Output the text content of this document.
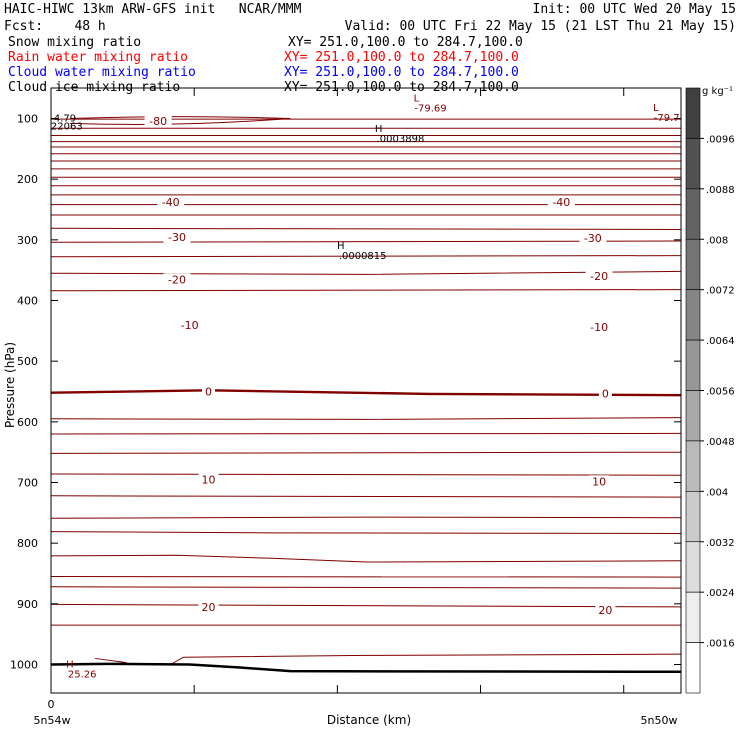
HAIC-HIWC 13km ARW-GFS init   NCAR/MMM	Init: 00 UTC Wed 20 May 15
Fcst:    48 h	Valid: 00 UTC Fri 22 May 15 (21 LST Thu 21 May 15)
Snow mixing ratio	XY= 251.0,100.0 to 284.7,100.0
Rain water mixing ratio	XY= 251.0,100.0 to 284.7,100.0
Cloud water mixing ratio	XY= 251.0,100.0 to 284.7,100.0
Cloud ice mixing ratio	XY= 251.0,100.0 to 284.7,100.0
100
200
300
400
500
600
700
800
900
1000
0
-80
-40	-40
-30	-30
-20	-20
-10	-10
0	0
10	10
20	20
L
-79.69	L
-79.7
H
.0003898
H
.0000815
H
25.26
-4.79
22063
.0096
.0088
.008
.0072
.0064
.0056
.0048
.004
.0032
.0024
.0016
Pressure (hPa)
Distance (km)
5n54w	5n50w
g kg⁻¹
